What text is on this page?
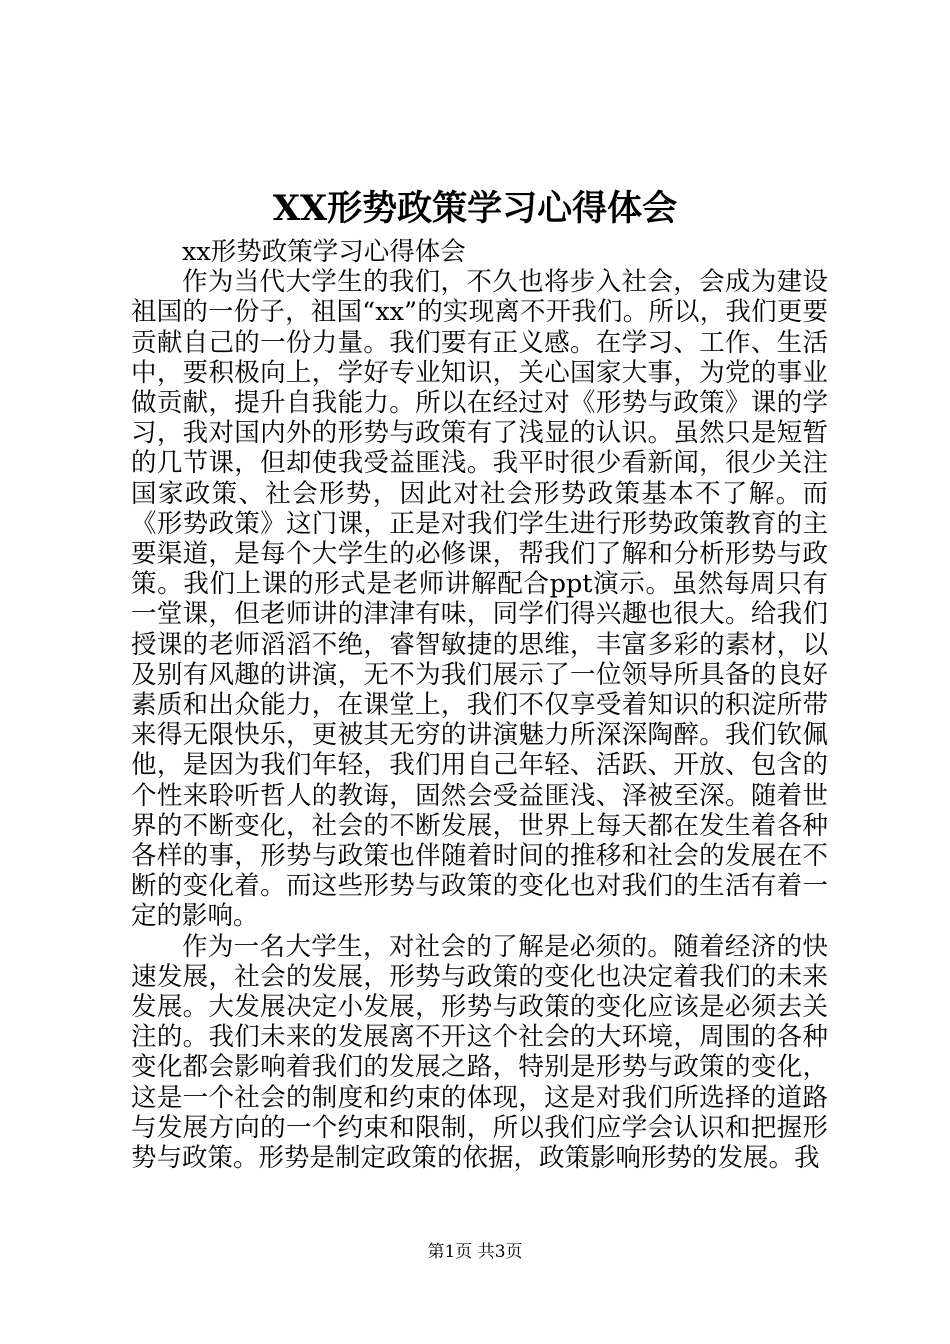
XX形势政策学习心得体会

xx形势政策学习心得体会

作为当代大学生的我们，不久也将步入社会，会成为建设祖国的一份子，祖国“xx”的实现离不开我们。所以，我们更要贡献自己的一份力量。我们要有正义感。在学习、工作、生活中，要积极向上，学好专业知识，关心国家大事，为党的事业做贡献，提升自我能力。所以在经过对《形势与政策》课的学习，我对国内外的形势与政策有了浅显的认识。虽然只是短暂的几节课，但却使我受益匪浅。我平时很少看新闻，很少关注国家政策、社会形势，因此对社会形势政策基本不了解。而《形势政策》这门课，正是对我们学生进行形势政策教育的主要渠道，是每个大学生的必修课，帮我们了解和分析形势与政策。我们上课的形式是老师讲解配合ppt演示。虽然每周只有一堂课，但老师讲的津津有味，同学们得兴趣也很大。给我们授课的老师滔滔不绝，睿智敏捷的思维，丰富多彩的素材，以及别有风趣的讲演，无不为我们展示了一位领导所具备的良好素质和出众能力，在课堂上，我们不仅享受着知识的积淀所带来得无限快乐，更被其无穷的讲演魅力所深深陶醉。我们钦佩他，是因为我们年轻，我们用自己年轻、活跃、开放、包含的个性来聆听哲人的教诲，固然会受益匪浅、泽被至深。随着世界的不断变化，社会的不断发展，世界上每天都在发生着各种各样的事，形势与政策也伴随着时间的推移和社会的发展在不断的变化着。而这些形势与政策的变化也对我们的生活有着一定的影响。

作为一名大学生，对社会的了解是必须的。随着经济的快速发展，社会的发展，形势与政策的变化也决定着我们的未来发展。大发展决定小发展，形势与政策的变化应该是必须去关注的。我们未来的发展离不开这个社会的大环境，周围的各种变化都会影响着我们的发展之路，特别是形势与政策的变化，这是一个社会的制度和约束的体现，这是对我们所选择的道路与发展方向的一个约束和限制，所以我们应学会认识和把握形势与政策。形势是制定政策的依据，政策影响形势的发展。我

第1页 共3页
